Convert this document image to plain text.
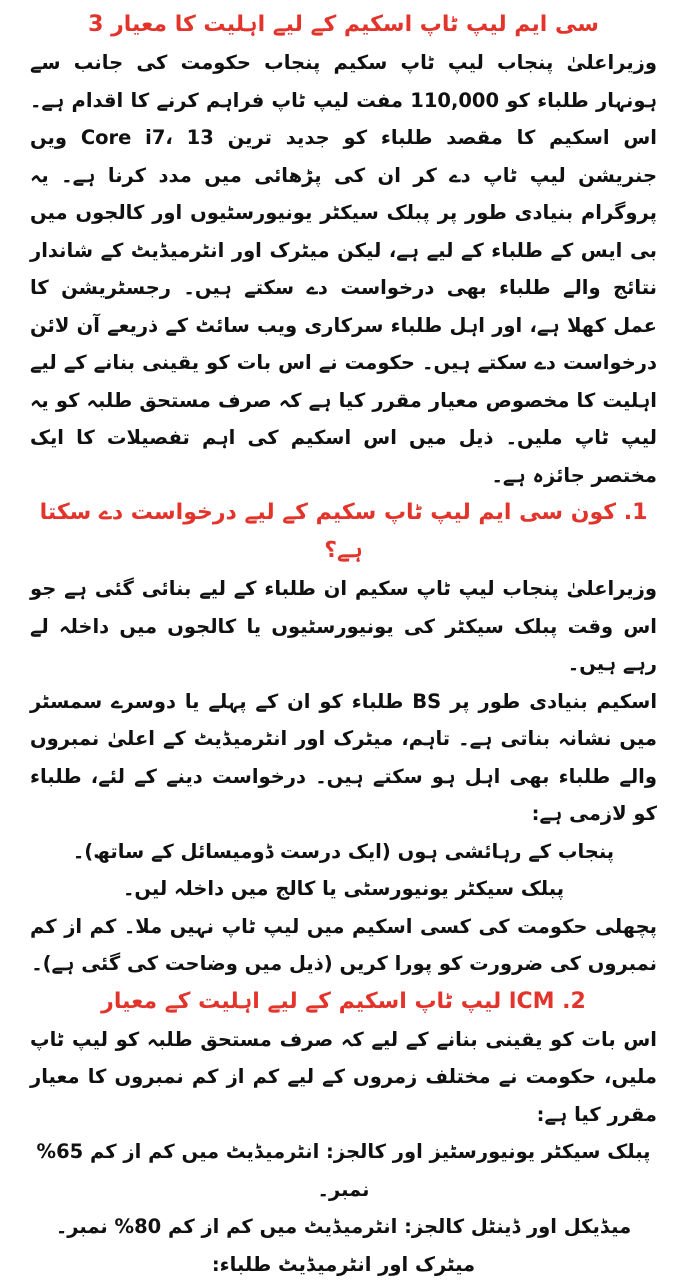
سی ایم لیپ ٹاپ اسکیم کے لیے اہلیت کا معیار 3

وزیراعلیٰ پنجاب لیپ ٹاپ سکیم پنجاب حکومت کی جانب سے ہونہار طلباء کو 110,000 مفت لیپ ٹاپ فراہم کرنے کا اقدام ہے۔ اس اسکیم کا مقصد طلباء کو جدید ترین Core i7، 13 ویں جنریشن لیپ ٹاپ دے کر ان کی پڑھائی میں مدد کرنا ہے۔ یہ پروگرام بنیادی طور پر پبلک سیکٹر یونیورسٹیوں اور کالجوں میں بی ایس کے طلباء کے لیے ہے، لیکن میٹرک اور انٹرمیڈیٹ کے شاندار نتائج والے طلباء بھی درخواست دے سکتے ہیں۔ رجسٹریشن کا عمل کھلا ہے، اور اہل طلباء سرکاری ویب سائٹ کے ذریعے آن لائن درخواست دے سکتے ہیں۔ حکومت نے اس بات کو یقینی بنانے کے لیے اہلیت کا مخصوص معیار مقرر کیا ہے کہ صرف مستحق طلبہ کو یہ لیپ ٹاپ ملیں۔ ذیل میں اس اسکیم کی اہم تفصیلات کا ایک مختصر جائزہ ہے۔

1. کون سی ایم لیپ ٹاپ سکیم کے لیے درخواست دے سکتا ہے؟

وزیراعلیٰ پنجاب لیپ ٹاپ سکیم ان طلباء کے لیے بنائی گئی ہے جو اس وقت پبلک سیکٹر کی یونیورسٹیوں یا کالجوں میں داخلہ لے رہے ہیں۔

اسکیم بنیادی طور پر BS طلباء کو ان کے پہلے یا دوسرے سمسٹر میں نشانہ بناتی ہے۔ تاہم، میٹرک اور انٹرمیڈیٹ کے اعلیٰ نمبروں والے طلباء بھی اہل ہو سکتے ہیں۔ درخواست دینے کے لئے، طلباء کو لازمی ہے:

پنجاب کے رہائشی ہوں (ایک درست ڈومیسائل کے ساتھ)۔

پبلک سیکٹر یونیورسٹی یا کالج میں داخلہ لیں۔

پچھلی حکومت کی کسی اسکیم میں لیپ ٹاپ نہیں ملا۔ کم از کم نمبروں کی ضرورت کو پورا کریں (ذیل میں وضاحت کی گئی ہے)۔

CM .2ا لیپ ٹاپ اسکیم کے لیے اہلیت کے معیار

اس بات کو یقینی بنانے کے لیے کہ صرف مستحق طلبہ کو لیپ ٹاپ ملیں، حکومت نے مختلف زمروں کے لیے کم از کم نمبروں کا معیار مقرر کیا ہے:

پبلک سیکٹر یونیورسٹیز اور کالجز: انٹرمیڈیٹ میں کم از کم 65% نمبر۔

میڈیکل اور ڈینٹل کالجز: انٹرمیڈیٹ میں کم از کم 80% نمبر۔

میٹرک اور انٹرمیڈیٹ طلباء:
